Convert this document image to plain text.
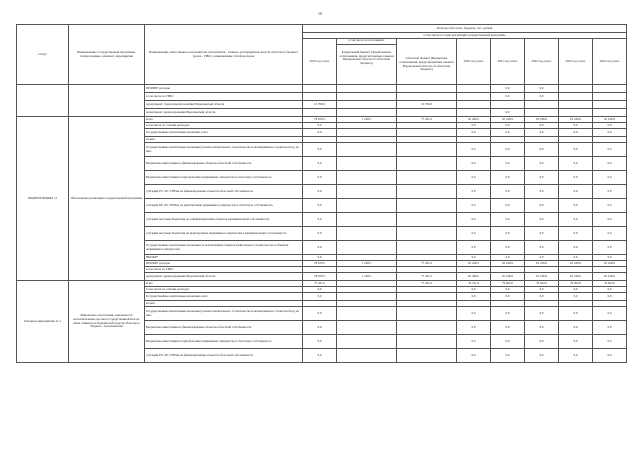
10
Статус	Наименование государственной программы, подпрограммы, основного мероприятия	Наименование ответственного исполнителя, исполнителя - главного распорядителя средств областного бюджета (далее - ГРБС), наименование статей расходов	Расходы областного бюджета, тыс. рублей							
			в том числе по годам реализации государственной программы							
			2019 год, всего	в том числе по источникам:
федеральный бюджет (Задействовано ассигнования, предусмотренные законом Воронежской области об областном бюджете)	областной бюджет (Бюджетные ассигнования, предусмотренные законом Воронежской области об областном бюджете)	2020 год, всего	2021 год, всего	2022 год, всего	2023 год, всего	2024 год, всего
		ПРОЧИЕ расходы					0,0	0,0		
		в том числе по ГРБС:					0,0	0,0		
		департамент строительной политики Воронежской области	13 700,0		13 700,0					
		департамент здравоохранения Воронежской области					0,0			
ПОДПРОГРАММА 11	Обеспечение реализации государственной программы	всего	78 679,5	1 228,5	77 451,0	81 428,5	81 168,9	81 168,9	81 168,9	81 168,9
		в том числе по статьям расходов:	0,0			0,0	0,0	0,0	0,0	0,0
		Государственные капитальные вложения, всего	0,0			0,0	0,0	0,0	0,0	0,0
		из них:								
		Государственные капитальные вложения (объекты капитального строительства и незавершенное строительство), из них:	0,0			0,0	0,0	0,0	0,0	0,0
		Бюджетные инвестиции на финансирование объектов областной собственности	0,0			0,0	0,0	0,0	0,0	0,0
		Бюджетные инвестиции на приобретение недвижимого имущества в областную собственность	0,0			0,0	0,0	0,0	0,0	0,0
		субсидии ЕУ, АУ, УНУпм на финансирование объектов областной собственности	0,0			0,0	0,0	0,0	0,0	0,0
		субсидии БУ, АУ, УНУпм на приобретение недвижимого имущества в областную собственность	0,0			0,0	0,0	0,0	0,0	0,0
		субсидии местным бюджетам на софинансирование объектов муниципальной собственности	0,0			0,0	0,0	0,0	0,0	0,0
		субсидии местным бюджетам на приобретение недвижимого имущества в муниципальную собственность	0,0			0,0	0,0	0,0	0,0	0,0
		Государственные капитальные вложения (за исключением объектов капитального строительства и объектов недвижимого имущества)	0,0			0,0	0,0	0,0	0,0	0,0
		НИОКР*	0,0			0,0	0,0	0,0	0,0	0,0
		ПРОЧИЕ расходы	78 679,5	1 228,5	77 451,0	81 428,5	81 168,9	81 168,9	81 168,9	81 168,9
		в том числе по ГРБС:								
		департамент здравоохранения Воронежской области	78 679,5	1 228,5	77 451,0	81 428,5	81 168,9	81 168,9	81 168,9	81 168,9
Основное мероприятие 11.1	Финансовое обеспечение деятельности исполнительных органов государственной власти, иных главных распорядителей средств областного бюджета - исполнителей	всего	77 451,0		77 451,0	79 741,9	79 822,0	79 822,0	79 822,0	79 822,0
		в том числе по статьям расходов:	0,0			0,0	0,0	0,0	0,0	0,0
		Государственные капитальные вложения, всего	0,0			0,0	0,0	0,0	0,0	0,0
		из них:								
		Государственные капитальные вложения (объекты капитального строительства и незавершенное строительство), из них:	0,0			0,0	0,0	0,0	0,0	0,0
		Бюджетные инвестиции на финансирование объектов областной собственности	0,0			0,0	0,0	0,0	0,0	0,0
		Бюджетные инвестиции на приобретение недвижимого имущества в областную собственность	0,0			0,0	0,0	0,0	0,0	0,0
		субсидии ЕУ, АУ, УНУпм на финансирование объектов областной собственности	0,0			0,0	0,0	0,0	0,0	0,0
